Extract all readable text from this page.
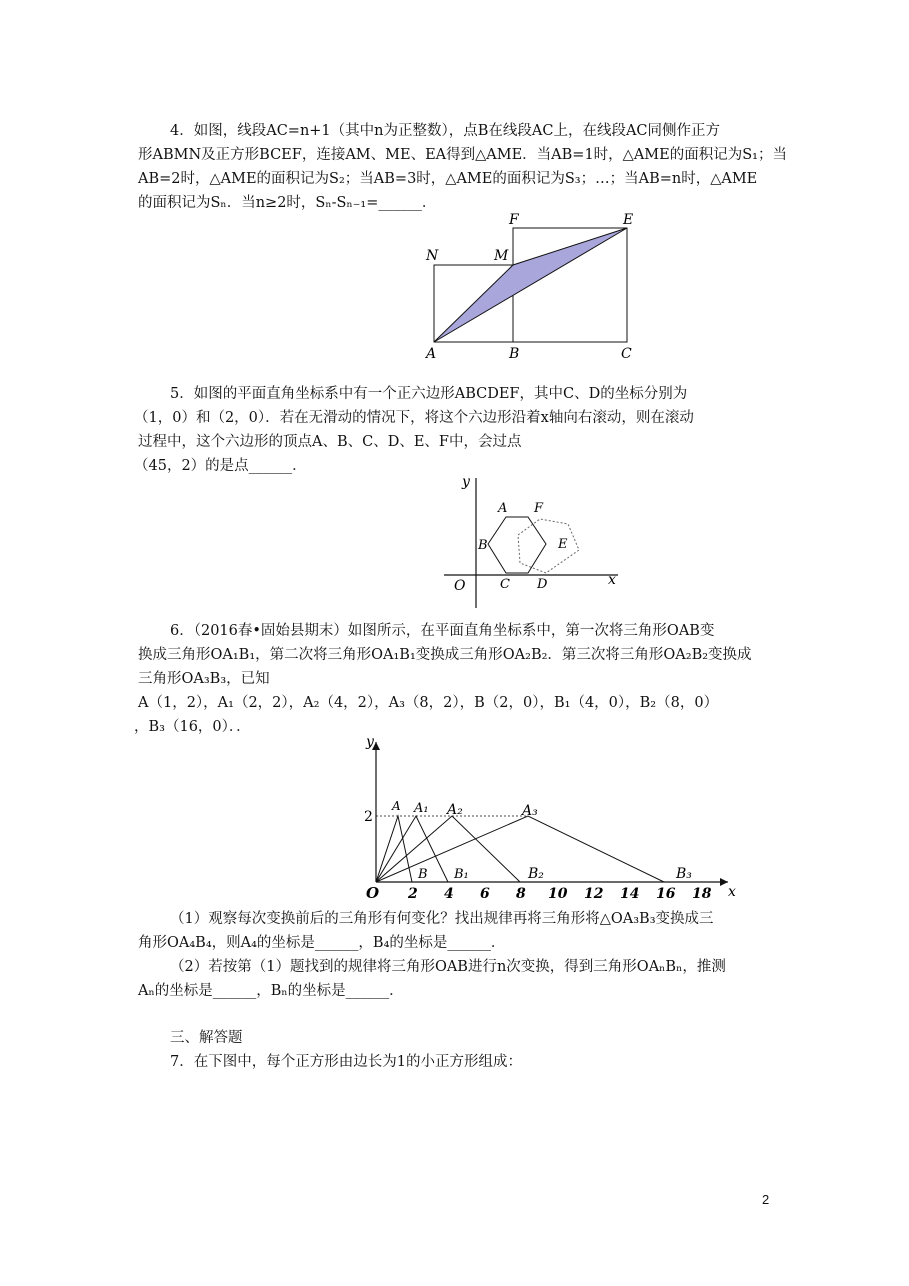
4．如图，线段AC=n+1（其中n为正整数），点B在线段AC上，在线段AC同侧作正方
形ABMN及正方形BCEF，连接AM、ME、EA得到△AME．当AB=1时，△AME的面积记为S₁；当
AB=2时，△AME的面积记为S₂；当AB=3时，△AME的面积记为S₃；…；当AB=n时，△AME
的面积记为Sₙ．当n≥2时，Sₙ-Sₙ₋₁=______．
N	M
F	E
A	B	C
5．如图的平面直角坐标系中有一个正六边形ABCDEF，其中C、D的坐标分别为
（1，0）和（2，0）．若在无滑动的情况下，将这个六边形沿着x轴向右滚动，则在滚动
过程中，这个六边形的顶点A、B、C、D、E、F中，会过点
（45，2）的是点______．
y
x
O
A F
B	E
C D
6．（2016春•固始县期末）如图所示，在平面直角坐标系中，第一次将三角形OAB变
换成三角形OA₁B₁，第二次将三角形OA₁B₁变换成三角形OA₂B₂．第三次将三角形OA₂B₂变换成
三角形OA₃B₃，已知
A（1，2），A₁（2，2），A₂（4，2），A₃（8，2），B（2，0），B₁（4，0），B₂（8，0）
，B₃（16，0）．．
y
x
O
2
A A₁ A₂	A₃
B B₁	B₂	B₃
2 4 6 8 10 12 14 16 18
（1）观察每次变换前后的三角形有何变化？找出规律再将三角形将△OA₃B₃变换成三
角形OA₄B₄，则A₄的坐标是______，B₄的坐标是______．
（2）若按第（1）题找到的规律将三角形OAB进行n次变换，得到三角形OAₙBₙ，推测
Aₙ的坐标是______，Bₙ的坐标是______．
三、解答题
7．在下图中，每个正方形由边长为1的小正方形组成：
2
